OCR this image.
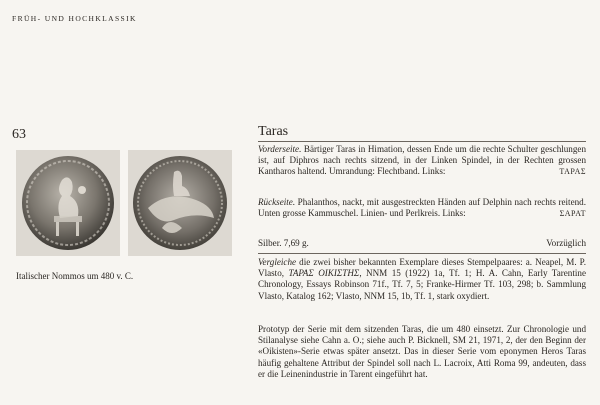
FRÜH- UND HOCHKLASSIK
63
Italischer Nommos um 480 v. C.
Taras

Vorderseite. Bärtiger Taras in Himation, dessen Ende um die rechte Schulter geschlungen ist, auf Diphros nach rechts sitzend, in der Linken Spindel, in der Rechten grossen Kantharos haltend. Umrandung: Flechtband. Links:	TAPAΣ

Rückseite. Phalanthos, nackt, mit ausgestreckten Händen auf Delphin nach rechts reitend. Unten grosse Kammuschel. Linien- und Perlkreis. Links:	ΣAPAT

Silber. 7,69 g.	Vorzüglich

Vergleiche die zwei bisher bekannten Exemplare dieses Stempelpaares: a. Neapel, M. P. Vlasto, TAPAΣ OIKIΣTHΣ, NNM 15 (1922) 1a, Tf. 1; H. A. Cahn, Early Tarentine Chronology, Essays Robinson 71f., Tf. 7, 5; Franke-Hirmer Tf. 103, 298; b. Sammlung Vlasto, Katalog 162; Vlasto, NNM 15, 1b, Tf. 1, stark oxydiert.

Prototyp der Serie mit dem sitzenden Taras, die um 480 einsetzt. Zur Chronologie und Stilanalyse siehe Cahn a. O.; siehe auch P. Bicknell, SM 21, 1971, 2, der den Beginn der «Oikisten»-Serie etwas später ansetzt. Das in dieser Serie vom eponymen Heros Taras häufig gehaltene Attribut der Spindel soll nach L. Lacroix, Atti Roma 99, andeuten, dass er die Leinenindustrie in Tarent eingeführt hat.
